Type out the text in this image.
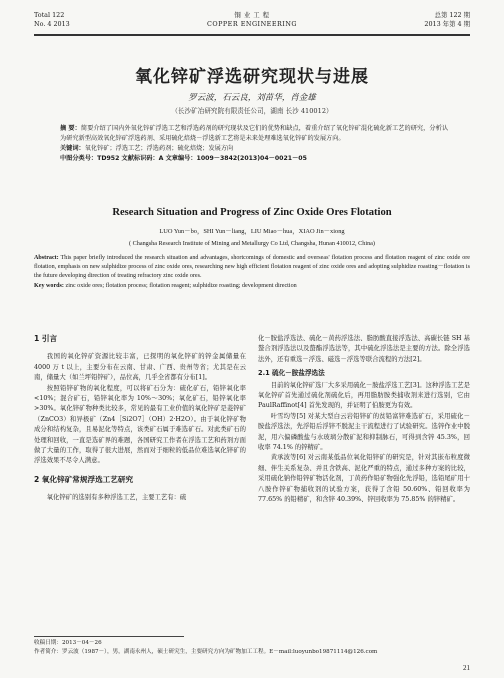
Total 122
No. 4 2013
铜 业 工 程
COPPER ENGINEERING
总第 122 期
2013 年第 4 期
氧化锌矿浮选研究现状与进展
罗云波，石云良，刘苗华，肖金雄
（长沙矿冶研究院有限责任公司，湖南 长沙 410012）
摘 要：简要介绍了国内外氧化锌矿浮选工艺和浮选药剂的研究现状及它们的优势和缺点，着重介绍了氧化锌矿混化硫化新工艺的研究，分析认为研究新型高效氧化锌矿浮选药剂、采用硫化焙烧－浮选新工艺将是未来处理难选氧化锌矿的发展方向。
关键词：氧化锌矿；浮选工艺；浮选药剂；硫化焙烧；发展方向
中图分类号：TD952 文献标识码：A 文章编号：1009－3842(2013)04－0021－05
Research Situation and Progress of Zinc Oxide Ores Flotation
LUO Yun－bo，SHI Yun－liang，LIU Miao－hua，XIAO Jin－xiong
( Changsha Research Institute of Mining and Metallurgy Co Ltd, Changsha, Hunan 410012, China)
Abstract: This paper briefly introduced the research situation and advantages, shortcomings of domestic and overseas' flotation process and flotation reagent of zinc oxide ore flotation, emphasis on new sulphidize process of zinc oxide ores, researching new high efficient flotation reagent of zinc oxide ores and adopting sulphidize roasting－flotation is the future developing direction of treating refractory zinc oxide ores.
Key words: zinc oxide ores; flotation process; flotation reagent; sulphidize roasting; development direction
1 引言

我国的氧化锌矿资源比较丰富，已探明的氧化锌矿的锌金属储量在 4000 万 t 以上，主要分布在云南、甘肃、广西、贵州等省；尤其是在云南，储量大（如兰坪铅锌矿），品位高，几乎全省都有分布[1]。

按照铅锌矿物的氧化程度，可以将矿石分为：硫化矿石，铅锌氧化率<10%；混合矿石，铅锌氧化率为 10%～30%；氧化矿石，铅锌氧化率>30%。氧化锌矿物种类比较多，常见的最有工业价值的氧化锌矿是菱锌矿（ZnCO3）和异极矿（Zn4［Si2O7］（OH）2·H2O）。由于氧化锌矿物成分和结构复杂，且易泥化等特点，该类矿石属于难选矿石。对此类矿石的处理和回收，一直是选矿界的难题，各国研究工作者在浮选工艺和药剂方面做了大量的工作，取得了很大进展，然而对于细粒的低品位难选氧化锌矿的浮选效果不尽令人满意。

2 氧化锌矿常规浮选工艺研究

氧化锌矿的选别有多种浮选工艺，主要工艺有：硫

化－胺盐浮选法、硫化－黄药浮选法、脂肪酸直接浮选法、高碳长链 SH 基螯合剂浮选法以及螯酯浮选法等，其中硫化浮选法是主要的方法。除全浮选法外，还有重选－浮选、磁选－浮选等联合流程的方法[2]。

2.1 硫化－胺盐浮选法

目前的氧化锌矿选厂大多采用硫化－胺盐浮选工艺[3]。这种浮选工艺是氧化锌矿首先通过硫化剂硫化后，再用脂肪胺类捕收剂来进行选别，它由 PaulRaffinot[4] 首先发现的，并证明了伯胺更为有效。

叶雪均等[5] 对某大型白云岩铅锌矿的贫铅富锌难选矿石，采用硫化－胺盐浮选法，先浮铅后浮锌不脱泥主干流程进行了试验研究。选锌作业中脱泥，用六偏磷酸盐与水玻璃分散矿泥和抑制脉石，可得到含锌 45.3%，回收率 74.1% 的锌精矿。

黄承波等[6] 对云南某低品位氧化铅锌矿的研究是，针对其嵌布粒度微细、伴生关系复杂、并且含铁高、泥化严重的特点，通过多种方案的比较，采用硫化钠作铅锌矿物活化剂，丁黄药作铅矿物强化先浮铅，选铅尾矿用十八胺作锌矿物捕收剂的试验方案，获得了含铅 50.60%、铅回收率为 77.65% 的铅精矿，和含锌 40.39%、锌回收率为 75.85% 的锌精矿。

收稿日期：2013－04－26
作者简介：罗云波（1987－），男，湖南永州人，硕士研究生，主要研究方向为矿物加工工程。E－mail:luoyunbo19871114@126.com
21
